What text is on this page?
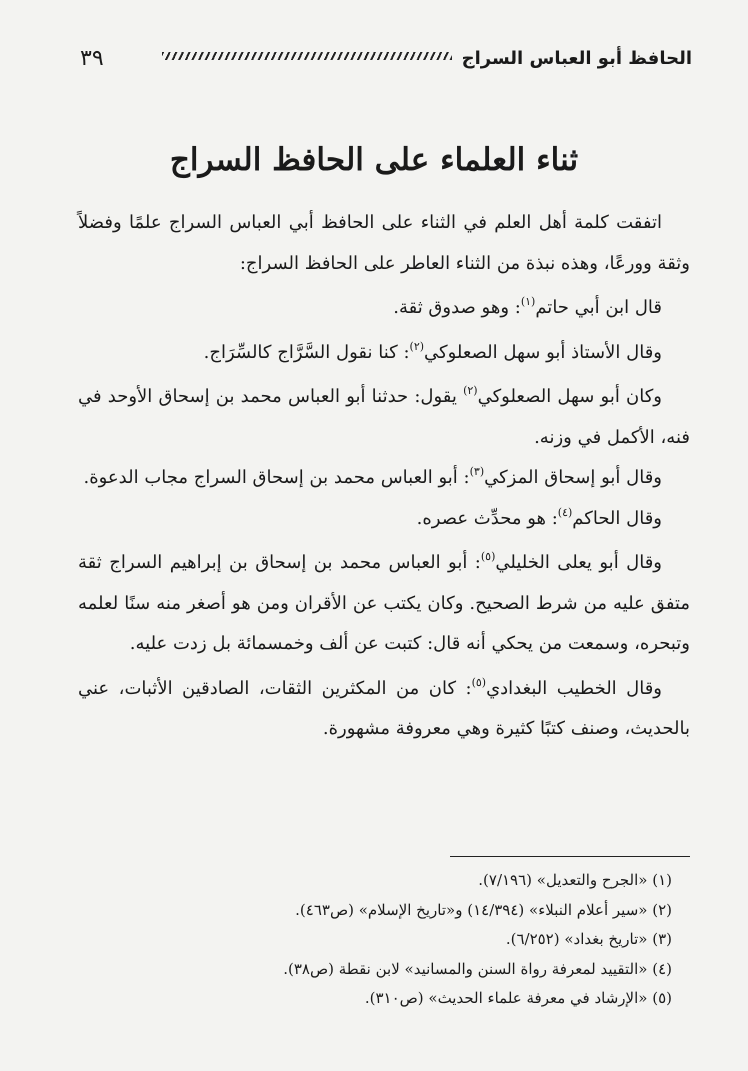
٣٩	الحافظ أبو العباس السراج
ثناء العلماء على الحافظ السراج

اتفقت كلمة أهل العلم في الثناء على الحافظ أبي العباس السراج علمًا وفضلاً وثقة وورعًا، وهذه نبذة من الثناء العاطر على الحافظ السراج:

قال ابن أبي حاتم$^{(١)}$: وهو صدوق ثقة.

وقال الأستاذ أبو سهل الصعلوكي$^{(٢)}$: كنا نقول السَّرَّاج كالسِّرَاج.

وكان أبو سهل الصعلوكي$^{(٢)}$ يقول: حدثنا أبو العباس محمد بن إسحاق الأوحد في فنه، الأكمل في وزنه.

وقال أبو إسحاق المزكي$^{(٣)}$: أبو العباس محمد بن إسحاق السراج مجاب الدعوة.

وقال الحاكم$^{(٤)}$: هو محدِّث عصره.

وقال أبو يعلى الخليلي$^{(٥)}$: أبو العباس محمد بن إسحاق بن إبراهيم السراج ثقة متفق عليه من شرط الصحيح. وكان يكتب عن الأقران ومن هو أصغر منه سنًا لعلمه وتبحره، وسمعت من يحكي أنه قال: كتبت عن ألف وخمسمائة بل زدت عليه.

وقال الخطيب البغدادي$^{(٥)}$: كان من المكثرين الثقات، الصادقين الأثبات، عني بالحديث، وصنف كتبًا كثيرة وهي معروفة مشهورة.

(١) «الجرح والتعديل» (٧/١٩٦).
(٢) «سير أعلام النبلاء» (١٤/٣٩٤) و«تاريخ الإسلام» (ص٤٦٣).
(٣) «تاريخ بغداد» (٦/٢٥٢).
(٤) «التقييد لمعرفة رواة السنن والمسانيد» لابن نقطة (ص٣٨).
(٥) «الإرشاد في معرفة علماء الحديث» (ص٣١٠).
